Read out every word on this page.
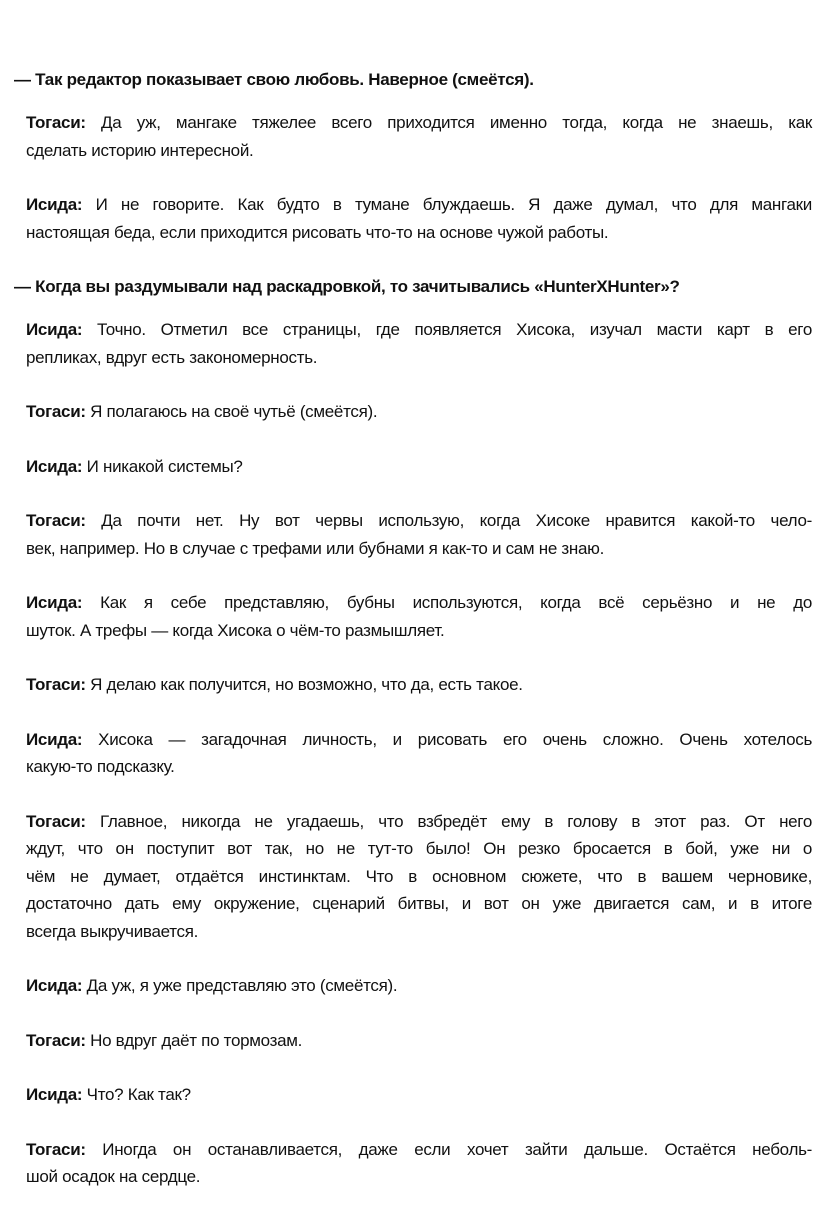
— Так редактор показывает свою любовь. Наверное (смеётся).
Тогаси: Да уж, мангаке тяжелее всего приходится именно тогда, когда не знаешь, как
сделать историю интересной.
Исида: И не говорите. Как будто в тумане блуждаешь. Я даже думал, что для мангаки
настоящая беда, если приходится рисовать что-то на основе чужой работы.
— Когда вы раздумывали над раскадровкой, то зачитывались «HunterXHunter»?
Исида: Точно. Отметил все страницы, где появляется Хисока, изучал масти карт в его
репликах, вдруг есть закономерность.
Тогаси: Я полагаюсь на своё чутьё (смеётся).
Исида: И никакой системы?
Тогаси: Да почти нет. Ну вот червы использую, когда Хисоке нравится какой-то чело-
век, например. Но в случае с трефами или бубнами я как-то и сам не знаю.
Исида: Как я себе представляю, бубны используются, когда всё серьёзно и не до
шуток. А трефы — когда Хисока о чём-то размышляет.
Тогаси: Я делаю как получится, но возможно, что да, есть такое.
Исида: Хисока — загадочная личность, и рисовать его очень сложно. Очень хотелось
какую-то подсказку.
Тогаси: Главное, никогда не угадаешь, что взбредёт ему в голову в этот раз. От него
ждут, что он поступит вот так, но не тут-то было! Он резко бросается в бой, уже ни о
чём не думает, отдаётся инстинктам. Что в основном сюжете, что в вашем черновике,
достаточно дать ему окружение, сценарий битвы, и вот он уже двигается сам, и в итоге
всегда выкручивается.
Исида: Да уж, я уже представляю это (смеётся).
Тогаси: Но вдруг даёт по тормозам.
Исида: Что? Как так?
Тогаси: Иногда он останавливается, даже если хочет зайти дальше. Остаётся неболь-
шой осадок на сердце.
